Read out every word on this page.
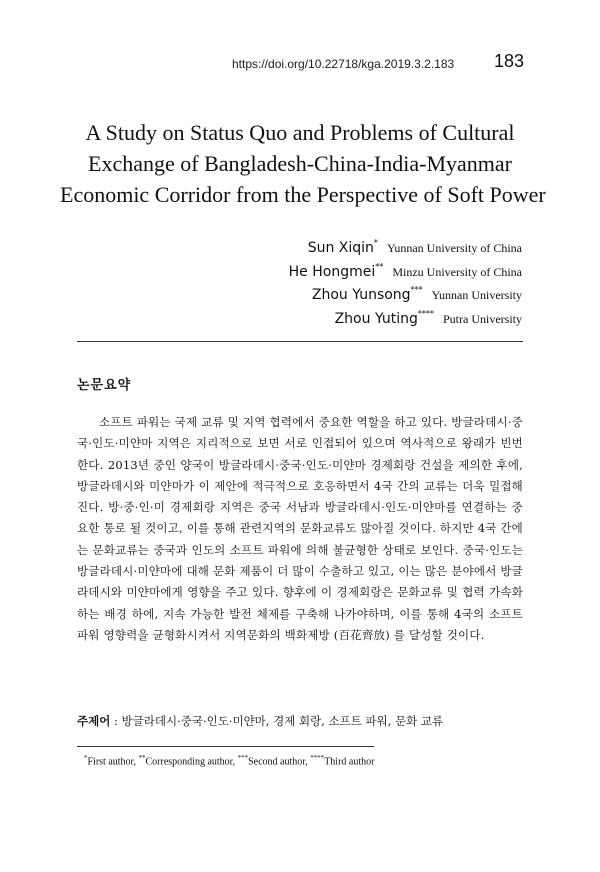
https://doi.org/10.22718/kga.2019.3.2.183 183
A Study on Status Quo and Problems of Cultural
Exchange of Bangladesh-China-India-Myanmar
Economic Corridor from the Perspective of Soft Power
Sun Xiqin* Yunnan University of China
He Hongmei** Minzu University of China
Zhou Yunsong*** Yunnan University
Zhou Yuting**** Putra University
논문요약

소프트 파워는 국제 교류 및 지역 협력에서 중요한 역할을 하고 있다. 방글라데시·중국·인도·미얀마 지역은 지리적으로 보면 서로 인접되어 있으며 역사적으로 왕래가 빈번한다. 2013년 중인 양국이 방글라데시·중국·인도·미얀마 경제회랑 건설을 제의한 후에, 방글라데시와 미얀마가 이 제안에 적극적으로 호응하면서 4국 간의 교류는 더욱 밀접해진다. 방·중·인·미 경제회랑 지역은 중국 서남과 방글라데시·인도·미얀마를 연결하는 중요한 통로 될 것이고, 이를 통해 관련지역의 문화교류도 많아질 것이다. 하지만 4국 간에는 문화교류는 중국과 인도의 소프트 파워에 의해 불균형한 상태로 보인다. 중국·인도는 방글라데시·미얀마에 대해 문화 제품이 더 많이 수출하고 있고, 이는 많은 분야에서 방글라데시와 미얀마에게 영향을 주고 있다. 향후에 이 경제회랑은 문화교류 및 협력 가속화하는 배경 하에, 지속 가능한 발전 체제를 구축해 나가야하며, 이를 통해 4국의 소프트 파워 영향력을 균형화시켜서 지역문화의 백화제방 (百花齊放) 를 달성할 것이다.

주제어 : 방글라데시·중국·인도·미얀마, 경제 회랑, 소프트 파워, 문화 교류
*First author, **Corresponding author, ***Second author, ****Third author
